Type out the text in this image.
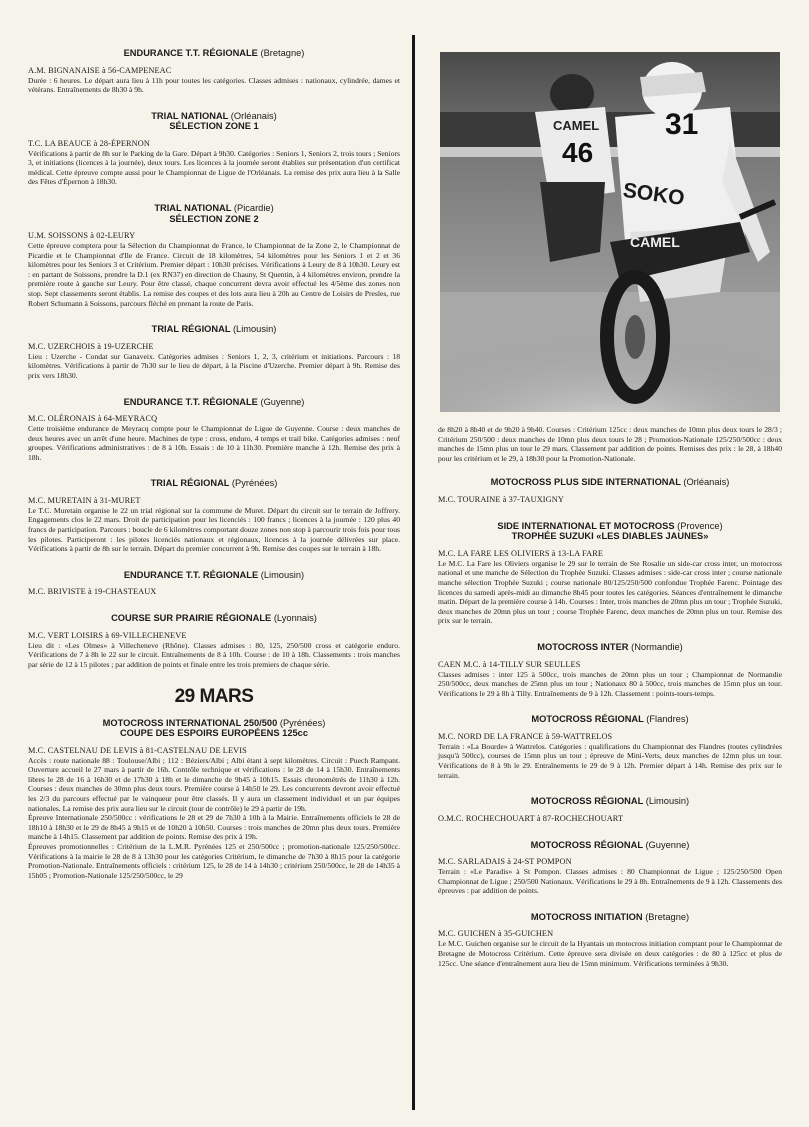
ENDURANCE T.T. RÉGIONALE (Bretagne)

A.M. BIGNANAISE à 56-CAMPENEAC

Durée : 6 heures. Le départ aura lieu à 11h pour toutes les catégories. Classes admises : nationaux, cylindrée, dames et vétérans. Entraînements de 8h30 à 9h.

TRIAL NATIONAL (Orléanais)
SÉLECTION ZONE 1

T.C. LA BEAUCE à 28-ÉPERNON

Vérifications à partir de 8h sur le Parking de la Gare. Départ à 9h30. Catégories : Seniors 1, Seniors 2, trois tours ; Seniors 3, et initiations (licences à la journée), deux tours. Les licences à la journée seront établies sur présentation d'un certificat médical. Cette épreuve compte aussi pour le Championnat de Ligue de l'Orléanais. La remise des prix aura lieu à la Salle des Fêtes d'Épernon à 18h30.

TRIAL NATIONAL (Picardie)
SÉLECTION ZONE 2

U.M. SOISSONS à 02-LEURY

Cette épreuve comptera pour la Sélection du Championnat de France, le Championnat de la Zone 2, le Championnat de Picardie et le Championnat d'Ile de France. Circuit de 18 kilomètres, 54 kilomètres pour les Seniors 1 et 2 et 36 kilomètres pour les Seniors 3 et Critérium. Premier départ : 10h30 précises. Vérifications à Leury de 8 à 10h30. Leury est : en partant de Soissons, prendre la D.1 (ex RN37) en direction de Chauny, St Quentin, à 4 kilomètres environ, prendre la première route à gauche sur Leury. Pour être classé, chaque concurrent devra avoir effectué les 4/5ème des zones non stop. Sept classements seront établis. La remise des coupes et des lots aura lieu à 20h au Centre de Loisirs de Presles, rue Robert Schumann à Soissons, parcours fléché en prenant la route de Paris.

TRIAL RÉGIONAL (Limousin)

M.C. UZERCHOIS à 19-UZERCHE

Lieu : Uzerche - Condat sur Ganaveix. Catégories admises : Seniors 1, 2, 3, critérium et initiations. Parcours : 18 kilomètres. Vérifications à partir de 7h30 sur le lieu de départ, à la Piscine d'Uzerche. Premier départ à 9h. Remise des prix vers 18h30.

ENDURANCE T.T. RÉGIONALE (Guyenne)

M.C. OLÉRONAIS à 64-MEYRACQ

Cette troisième endurance de Meyracq compte pour le Championnat de Ligue de Guyenne. Course : deux manches de deux heures avec un arrêt d'une heure. Machines de type : cross, enduro, 4 temps et trail bike. Catégories admises : neuf groupes. Vérifications administratives : de 8 à 10h. Essais : de 10 à 11h30. Première manche à 12h. Remise des prix à 18h.

TRIAL RÉGIONAL (Pyrénées)

M.C. MURETAIN à 31-MURET

Le T.C. Muretain organise le 22 un trial régional sur la commune de Muret. Départ du circuit sur le terrain de Joffrery. Engagements clos le 22 mars. Droit de participation pour les licenciés : 100 francs ; licences à la journée : 120 plus 40 francs de participation. Parcours : boucle de 6 kilomètres comportant douze zones non stop à parcourir trois fois pour tous les pilotes. Participeront : les pilotes licenciés nationaux et régionaux, licences à la journée délivrées sur place. Vérifications à partir de 8h sur le terrain. Départ du premier concurrent à 9h. Remise des coupes sur le terrain à 18h.

ENDURANCE T.T. RÉGIONALE (Limousin)

M.C. BRIVISTE à 19-CHASTEAUX

COURSE SUR PRAIRIE RÉGIONALE (Lyonnais)

M.C. VERT LOISIRS à 69-VILLECHENEVE

Lieu dit : «Les Olmes» à Villecheneve (Rhône). Classes admises : 80, 125, 250/500 cross et catégorie enduro. Vérifications de 7 à 8h le 22 sur le circuit. Entraînements de 8 à 10h. Course : de 10 à 18h. Classements : trois manches par série de 12 à 15 pilotes ; par addition de points et finale entre les trois premiers de chaque série.

29 MARS

MOTOCROSS INTERNATIONAL 250/500 (Pyrénées)
COUPE DES ESPOIRS EUROPÉENS 125cc

M.C. CASTELNAU DE LEVIS à 81-CASTELNAU DE LEVIS

Accès : route nationale 88 : Toulouse/Albi ; 112 : Béziers/Albi ; Albi étant à sept kilomètres. Circuit : Puech Rampant. Ouverture accueil le 27 mars à partir de 16h. Contrôle technique et vérifications : le 28 de 14 à 15h30. Entraînements libres le 28 de 16 à 16h30 et de 17h30 à 18h et le dimanche de 9h45 à 10h15. Essais chronométrés de 11h30 à 12h. Courses : deux manches de 30mn plus deux tours. Première course à 14h50 le 29. Les concurrents devront avoir effectué les 2/3 du parcours effectué par le vainqueur pour être classés. Il y aura un classement individuel et un par équipes nationales. La remise des prix aura lieu sur le circuit (tour de contrôle) le 29 à partir de 19h.

Épreuve Internationale 250/500cc : vérifications le 28 et 29 de 7h30 à 10h à la Mairie. Entraînements officiels le 28 de 18h10 à 18h30 et le 29 de 8h45 à 9h15 et de 10h20 à 10h50. Courses : trois manches de 20mn plus deux tours. Première manche à 14h15. Classement par addition de points. Remise des prix à 19h.

Épreuves promotionnelles : Critérium de la L.M.R. Pyrénées 125 et 250/500cc ; promotion-nationale 125/250/500cc. Vérifications à la mairie le 28 de 8 à 13h30 pour les catégories Critérium, le dimanche de 7h30 à 8h15 pour la catégorie Promotion-Nationale. Entraînements officiels : critérium 125, le 28 de 14 à 14h30 ; critérium 250/500cc, le 28 de 14h35 à 15h05 ; Promotion-Nationale 125/250/500cc, le 29

CAMEL
46
SOKO
31
CAMEL

de 8h20 à 8h40 et de 9h20 à 9h40. Courses : Critérium 125cc : deux manches de 10mn plus deux tours le 28/3 ; Critérium 250/500 : deux manches de 10mn plus deux tours le 28 ; Promotion-Nationale 125/250/500cc : deux manches de 15mn plus un tour le 29 mars. Classement par addition de points. Remises des prix : le 28, à 18h40 pour les critérium et le 29, à 18h30 pour la Promotion-Nationale.

MOTOCROSS PLUS SIDE INTERNATIONAL (Orléanais)

M.C. TOURAINE à 37-TAUXIGNY

SIDE INTERNATIONAL ET MOTOCROSS (Provence)
TROPHÉE SUZUKI «LES DIABLES JAUNES»

M.C. LA FARE LES OLIVIERS à 13-LA FARE

Le M.C. La Fare les Oliviers organise le 29 sur le terrain de Ste Rosalie un side-car cross inter, un motocross national et une manche de Sélection du Trophée Suzuki. Classes admises : side-car cross inter ; course nationale manche sélection Trophée Suzuki ; course nationale 80/125/250/500 confondue Trophée Farenc. Pointage des licences du samedi après-midi au dimanche 8h45 pour toutes les catégories. Séances d'entraînement le dimanche matin. Départ de la première course à 14h. Courses : Inter, trois manches de 20mn plus un tour ; Trophée Suzuki, deux manches de 20mn plus un tour ; course Trophée Farenc, deux manches de 20mn plus un tour. Remise des prix sur le terrain.

MOTOCROSS INTER (Normandie)

CAEN M.C. à 14-TILLY SUR SEULLES

Classes admises : inter 125 à 500cc, trois manches de 20mn plus un tour ; Championnat de Normandie 250/500cc, deux manches de 25mn plus un tour ; Nationaux 80 à 500cc, trois manches de 15mn plus un tour. Vérifications le 29 à 8h à Tilly. Entraînements de 9 à 12h. Classement : points-tours-temps.

MOTOCROSS RÉGIONAL (Flandres)

M.C. NORD DE LA FRANCE à 59-WATTRELOS

Terrain : «La Bourde» à Wattrelos. Catégories : qualifications du Championnat des Flandres (toutes cylindrées jusqu'à 500cc), courses de 15mn plus un tour ; épreuve de Mini-Verts, deux manches de 12mn plus un tour. Vérifications de 8 à 9h le 29. Entraînements le 29 de 9 à 12h. Premier départ à 14h. Remise des prix sur le terrain.

MOTOCROSS RÉGIONAL (Limousin)

O.M.C. ROCHECHOUART à 87-ROCHECHOUART

MOTOCROSS RÉGIONAL (Guyenne)

M.C. SARLADAIS à 24-ST POMPON

Terrain : «Le Paradis» à St Pompon. Classes admises : 80 Championnat de Ligue ; 125/250/500 Open Championnat de Ligue ; 250/500 Nationaux. Vérifications le 29 à 8h. Entraînements de 9 à 12h. Classements des épreuves : par addition de points.

MOTOCROSS INITIATION (Bretagne)

M.C. GUICHEN à 35-GUICHEN

Le M.C. Guichen organise sur le circuit de la Hyantais un motocross initiation comptant pour le Championnat de Bretagne de Motocross Critérium. Cette épreuve sera divisée en deux catégories : de 80 à 125cc et plus de 125cc. Une séance d'entraînement aura lieu de 15mn minimum. Vérifications terminées à 9h30.
